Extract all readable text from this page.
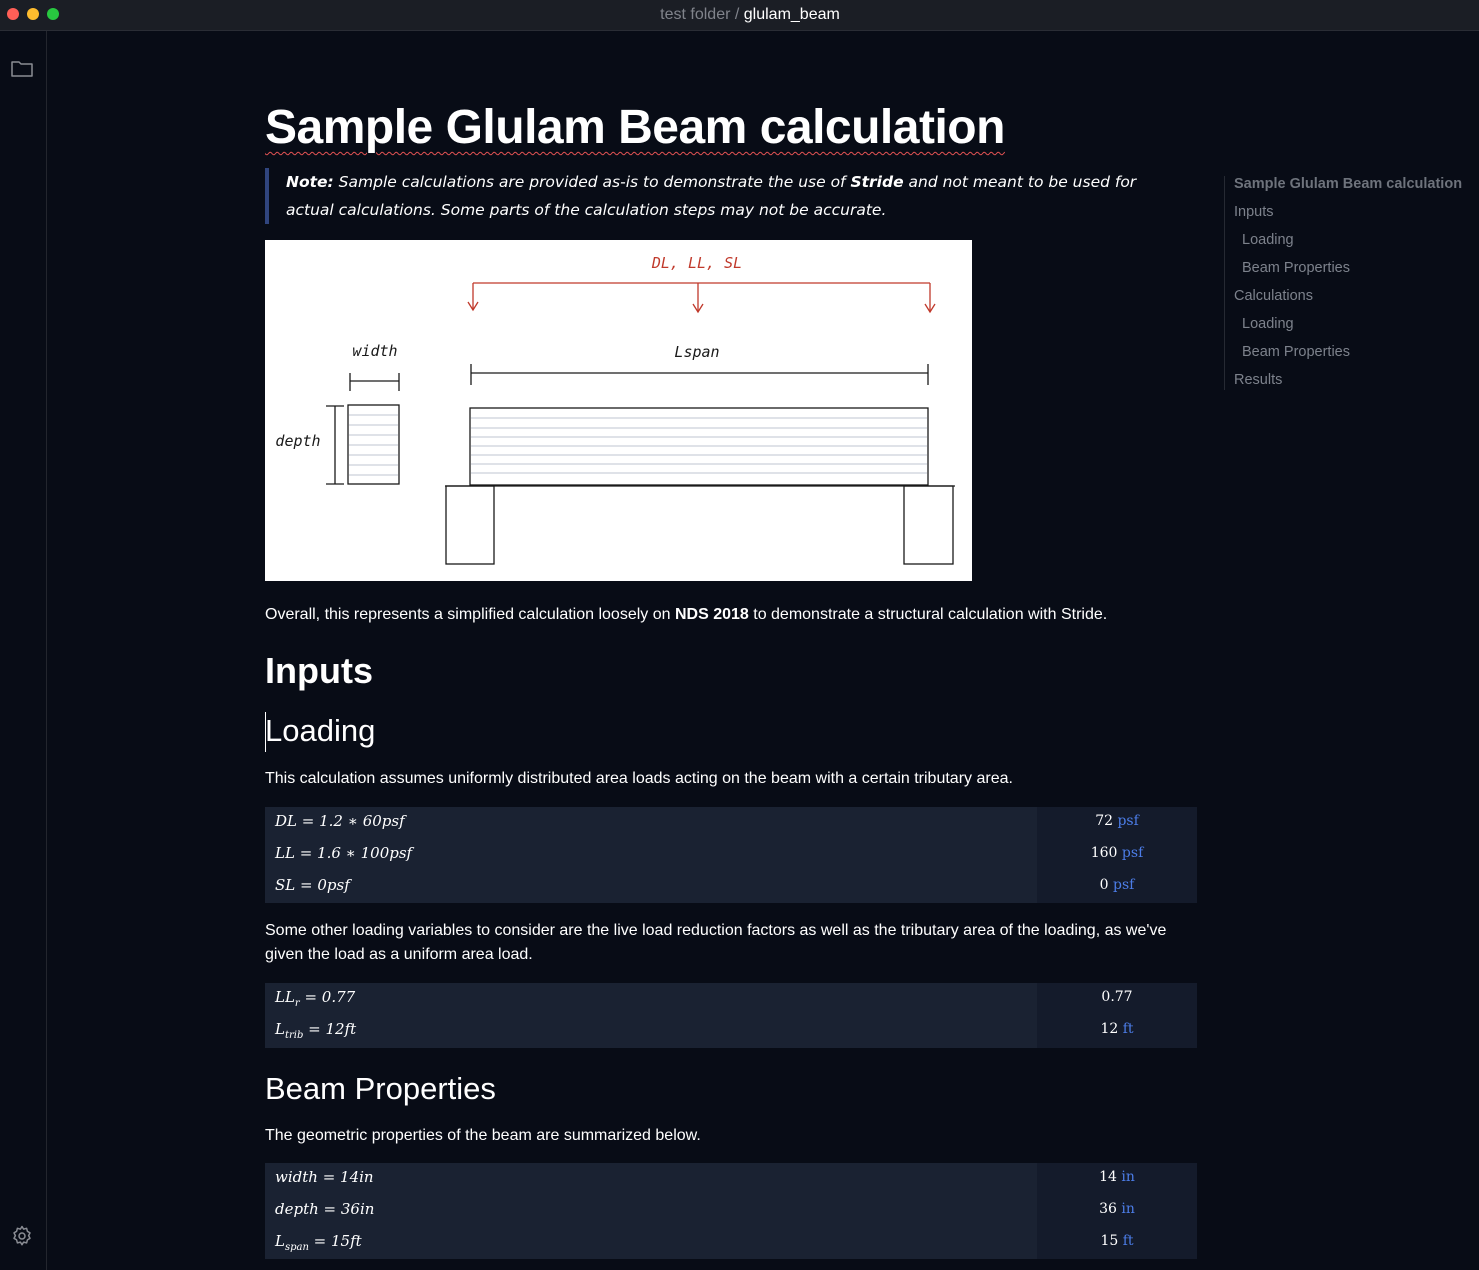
test folder / glulam_beam
Sample Glulam Beam calculation
Note: Sample calculations are provided as-is to demonstrate the use of Stride and not meant to be used for actual calculations. Some parts of the calculation steps may not be accurate.
DL, LL, SL
Lspan
width
depth

Overall, this represents a simplified calculation loosely on NDS 2018 to demonstrate a structural calculation with Stride.

Inputs
Loading

This calculation assumes uniformly distributed area loads acting on the beam with a certain tributary area.

DL = 1.2 ∗ 60psf	72 psf
LL = 1.6 ∗ 100psf	160 psf
SL = 0psf	0 psf

Some other loading variables to consider are the live load reduction factors as well as the tributary area of the loading, as we've given the load as a uniform area load.

$LL_r = 0.77$	0.77
$L_{trib} = 12ft$	12 ft
Beam Properties

The geometric properties of the beam are summarized below.

width = 14in	14 in
depth = 36in	36 in
$L_{span} = 15ft$	15 ft
Sample Glulam Beam calculation
Inputs
Loading
Beam Properties
Calculations
Loading
Beam Properties
Results
